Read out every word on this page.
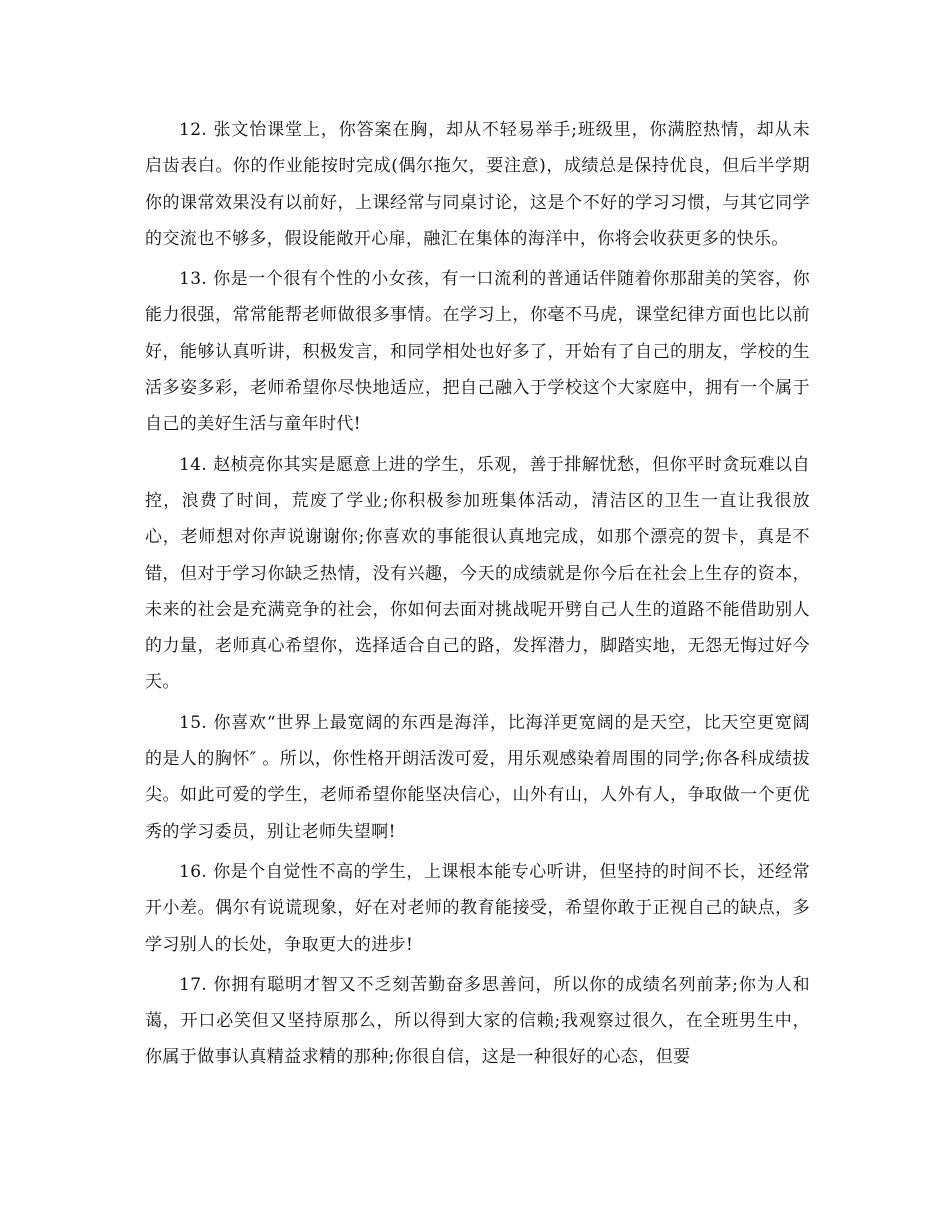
12. 张文怡课堂上，你答案在胸，却从不轻易举手;班级里，你满腔热情，却从未启齿表白。你的作业能按时完成(偶尔拖欠，要注意)，成绩总是保持优良，但后半学期你的课常效果没有以前好，上课经常与同桌讨论，这是个不好的学习习惯，与其它同学的交流也不够多，假设能敞开心扉，融汇在集体的海洋中，你将会收获更多的快乐。

13. 你是一个很有个性的小女孩，有一口流利的普通话伴随着你那甜美的笑容，你能力很强，常常能帮老师做很多事情。在学习上，你毫不马虎，课堂纪律方面也比以前好，能够认真听讲，积极发言，和同学相处也好多了，开始有了自己的朋友，学校的生活多姿多彩，老师希望你尽快地适应，把自己融入于学校这个大家庭中，拥有一个属于自己的美好生活与童年时代!

14. 赵桢亮你其实是愿意上进的学生，乐观，善于排解忧愁，但你平时贪玩难以自控，浪费了时间，荒废了学业;你积极参加班集体活动，清洁区的卫生一直让我很放心，老师想对你声说谢谢你;你喜欢的事能很认真地完成，如那个漂亮的贺卡，真是不错，但对于学习你缺乏热情，没有兴趣，今天的成绩就是你今后在社会上生存的资本，未来的社会是充满竞争的社会，你如何去面对挑战呢开劈自己人生的道路不能借助别人的力量，老师真心希望你，选择适合自己的路，发挥潜力，脚踏实地，无怨无悔过好今天。

15. 你喜欢“世界上最宽阔的东西是海洋，比海洋更宽阔的是天空，比天空更宽阔的是人的胸怀″ 。所以，你性格开朗活泼可爱，用乐观感染着周围的同学;你各科成绩拔尖。如此可爱的学生，老师希望你能坚决信心，山外有山，人外有人，争取做一个更优秀的学习委员，别让老师失望啊!

16. 你是个自觉性不高的学生，上课根本能专心听讲，但坚持的时间不长，还经常开小差。偶尔有说谎现象，好在对老师的教育能接受，希望你敢于正视自己的缺点，多学习别人的长处，争取更大的进步!

17. 你拥有聪明才智又不乏刻苦勤奋多思善问，所以你的成绩名列前茅;你为人和蔼，开口必笑但又坚持原那么，所以得到大家的信赖;我观察过很久，在全班男生中，你属于做事认真精益求精的那种;你很自信，这是一种很好的心态，但要
